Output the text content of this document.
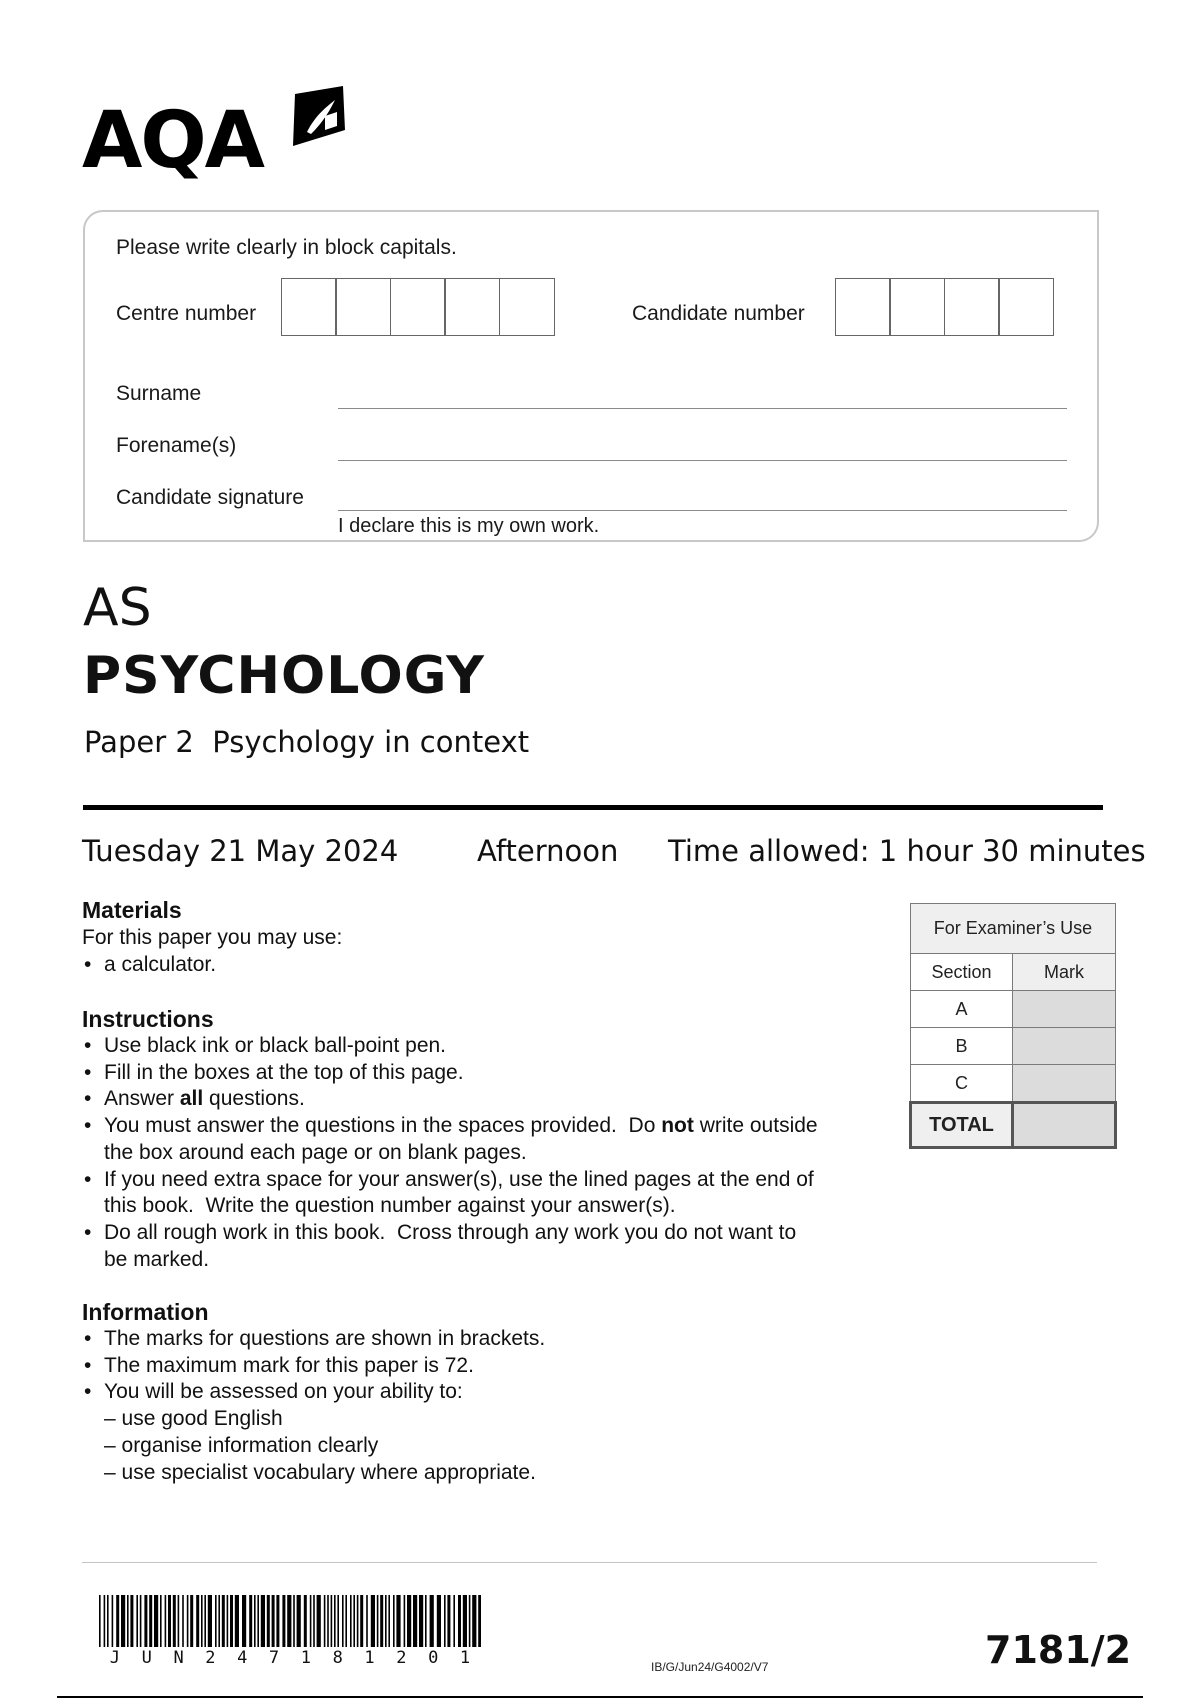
AQA
Please write clearly in block capitals.
Centre number	Candidate number
Surname
Forename(s)
Candidate signature
I declare this is my own work.
AS
PSYCHOLOGY
Paper 2  Psychology in context
Tuesday 21 May 2024	Afternoon Time allowed: 1 hour 30 minutes
Materials
For this paper you may use:
• a calculator.
Instructions
• Use black ink or black ball-point pen.
• Fill in the boxes at the top of this page.
• Answer all questions.
• You must answer the questions in the spaces provided.  Do not write outside the box around each page or on blank pages.
• If you need extra space for your answer(s), use the lined pages at the end of this book.  Write the question number against your answer(s).
• Do all rough work in this book.  Cross through any work you do not want to be marked.
Information
• The marks for questions are shown in brackets.
• The maximum mark for this paper is 72.
• You will be assessed on your ability to:
– use good English
– organise information clearly
– use specialist vocabulary where appropriate.
For Examiner’s Use	
Section	Mark
A	
B	
C	
TOTAL	
J U N 2 4 7 1 8 1 2 0 1	IB/G/Jun24/G4002/V7	7181/2
